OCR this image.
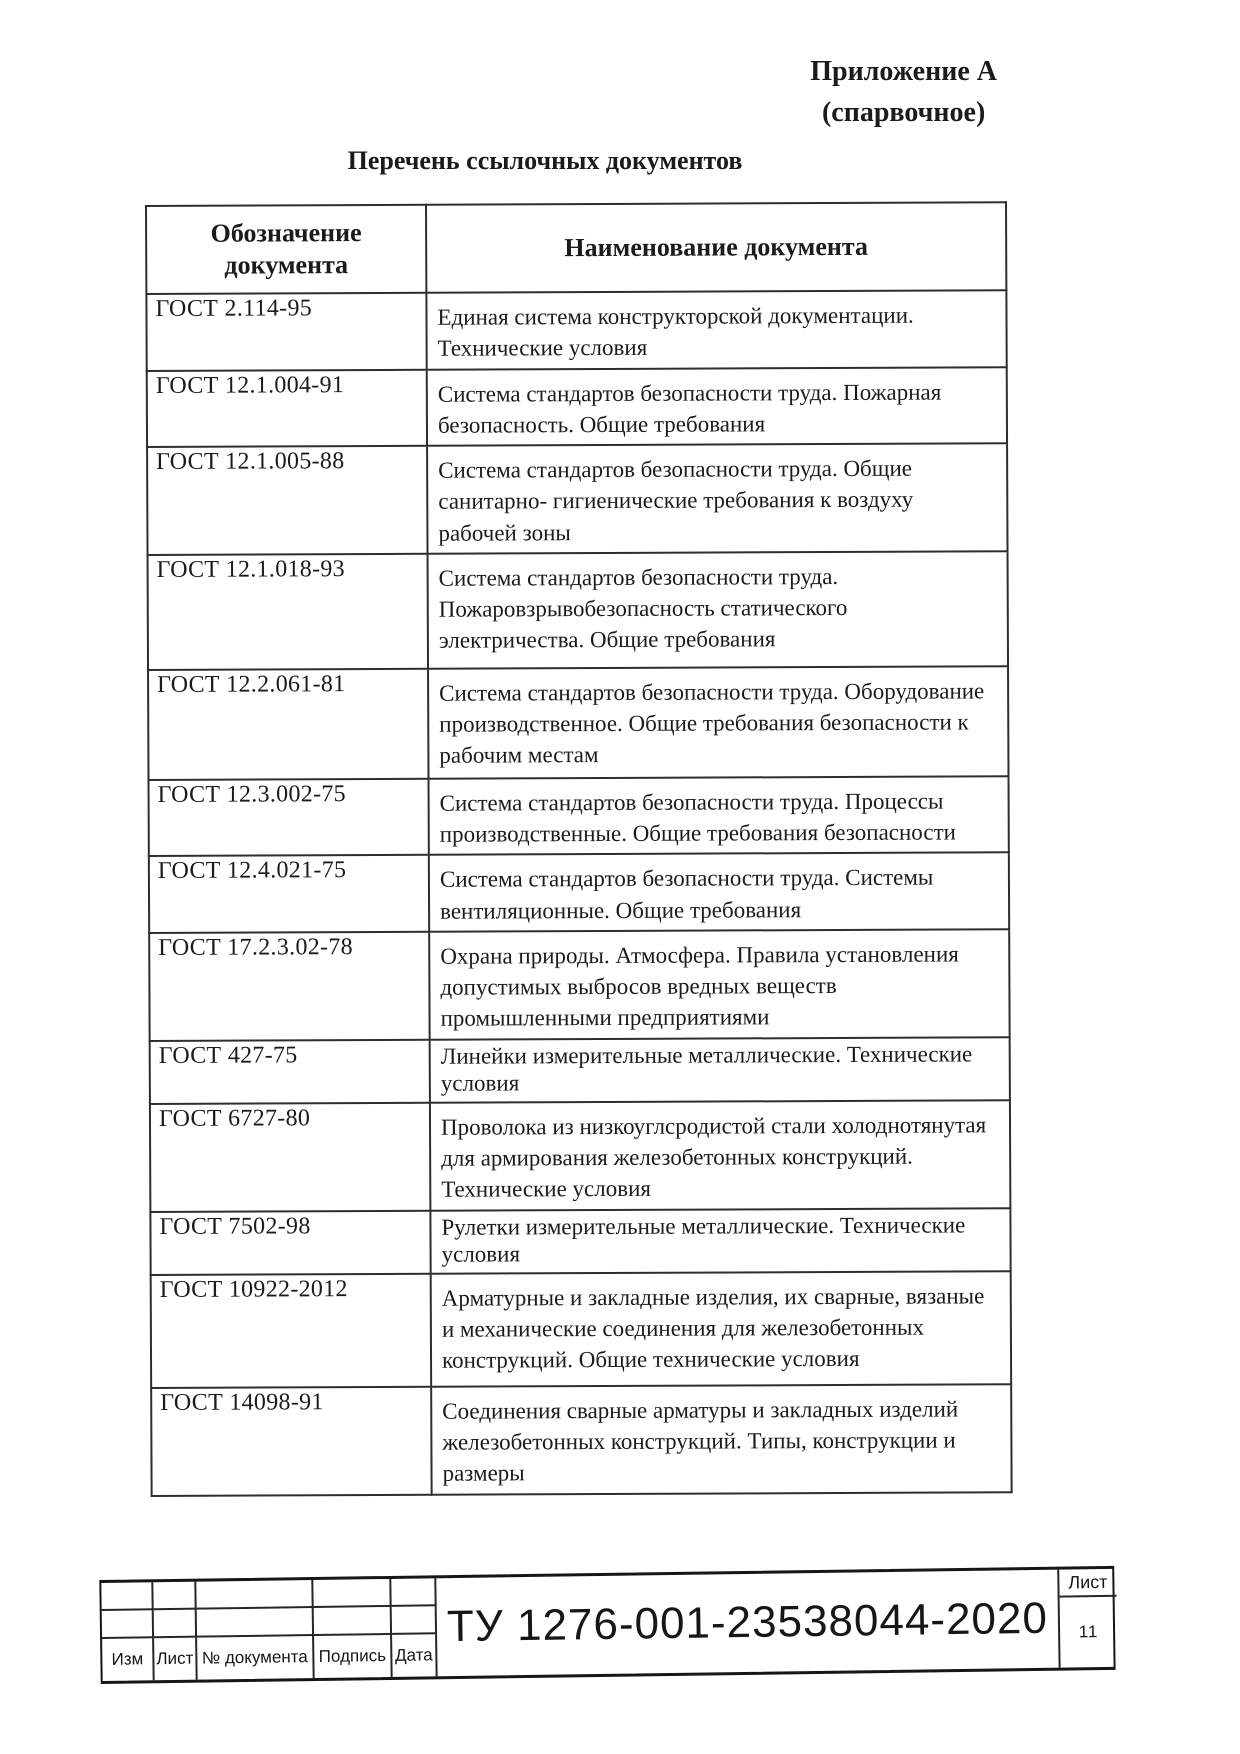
Приложение А
(спарвочное)
Перечень ссылочных документов
Обозначение
документа	Наименование документа
ГОСТ 2.114-95	Единая система конструкторской документации.
Технические условия
ГОСТ 12.1.004-91	Система стандартов безопасности труда. Пожарная
безопасность. Общие требования
ГОСТ 12.1.005-88	Система стандартов безопасности труда. Общие
санитарно- гигиенические требования к воздуху
рабочей зоны
ГОСТ 12.1.018-93	Система стандартов безопасности труда.
Пожаровзрывобезопасность статического
электричества. Общие требования
ГОСТ 12.2.061-81	Система стандартов безопасности труда. Оборудование
производственное. Общие требования безопасности к
рабочим местам
ГОСТ 12.3.002-75	Система стандартов безопасности труда. Процессы
производственные. Общие требования безопасности
ГОСТ 12.4.021-75	Система стандартов безопасности труда. Системы
вентиляционные. Общие требования
ГОСТ 17.2.3.02-78	Охрана природы. Атмосфера. Правила установления
допустимых выбросов вредных веществ
промышленными предприятиями
ГОСТ 427-75	Линейки измерительные металлические. Технические
условия
ГОСТ 6727-80	Проволока из низкоуглсродистой стали холоднотянутая
для армирования железобетонных конструкций.
Технические условия
ГОСТ 7502-98	Рулетки измерительные металлические. Технические
условия
ГОСТ 10922-2012	Арматурные и закладные изделия, их сварные, вязаные
и механические соединения для железобетонных
конструкций. Общие технические условия
ГОСТ 14098-91	Соединения сварные арматуры и закладных изделий
железобетонных конструкций. Типы, конструкции и
размеры
Изм Лист № документа Подпись Дата
ТУ 1276-001-23538044-2020
Лист
11
